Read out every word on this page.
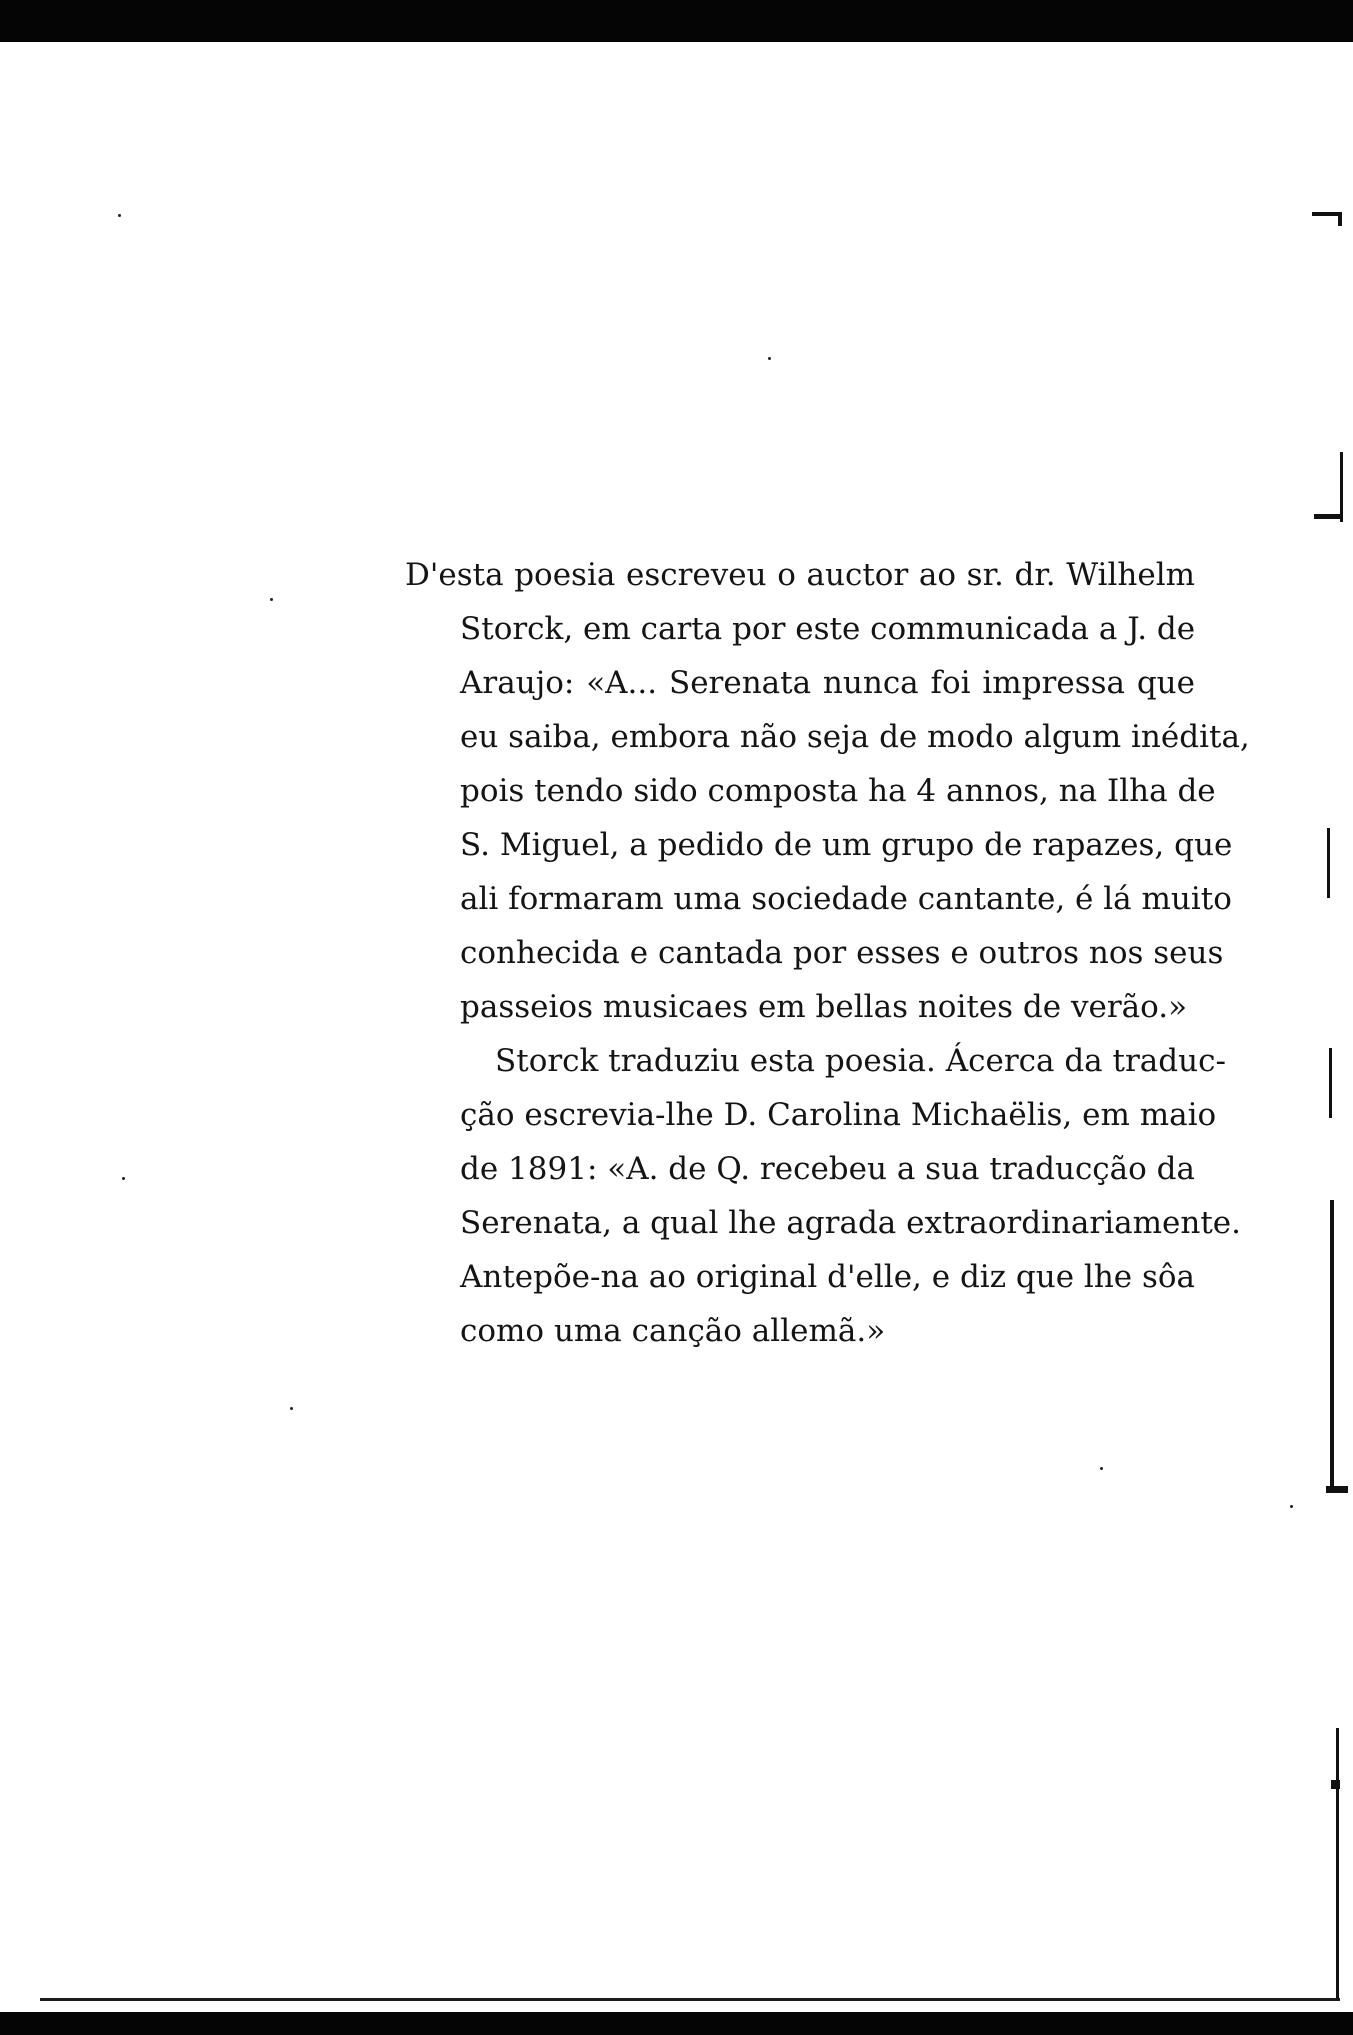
D'esta poesia escreveu o auctor ao sr. dr. Wilhelm
Storck, em carta por este communicada a J. de
Araujo: «A... Serenata nunca foi impressa que
eu saiba, embora não seja de modo algum inédita,
pois tendo sido composta ha 4 annos, na Ilha de
S. Miguel, a pedido de um grupo de rapazes, que
ali formaram uma sociedade cantante, é lá muito
conhecida e cantada por esses e outros nos seus
passeios musicaes em bellas noites de verão.»
Storck traduziu esta poesia. Ácerca da traduc-
ção escrevia-lhe D. Carolina Michaëlis, em maio
de 1891: «A. de Q. recebeu a sua traducção da
Serenata, a qual lhe agrada extraordinariamente.
Antepõe-na ao original d'elle, e diz que lhe sôa
como uma canção allemã.»
